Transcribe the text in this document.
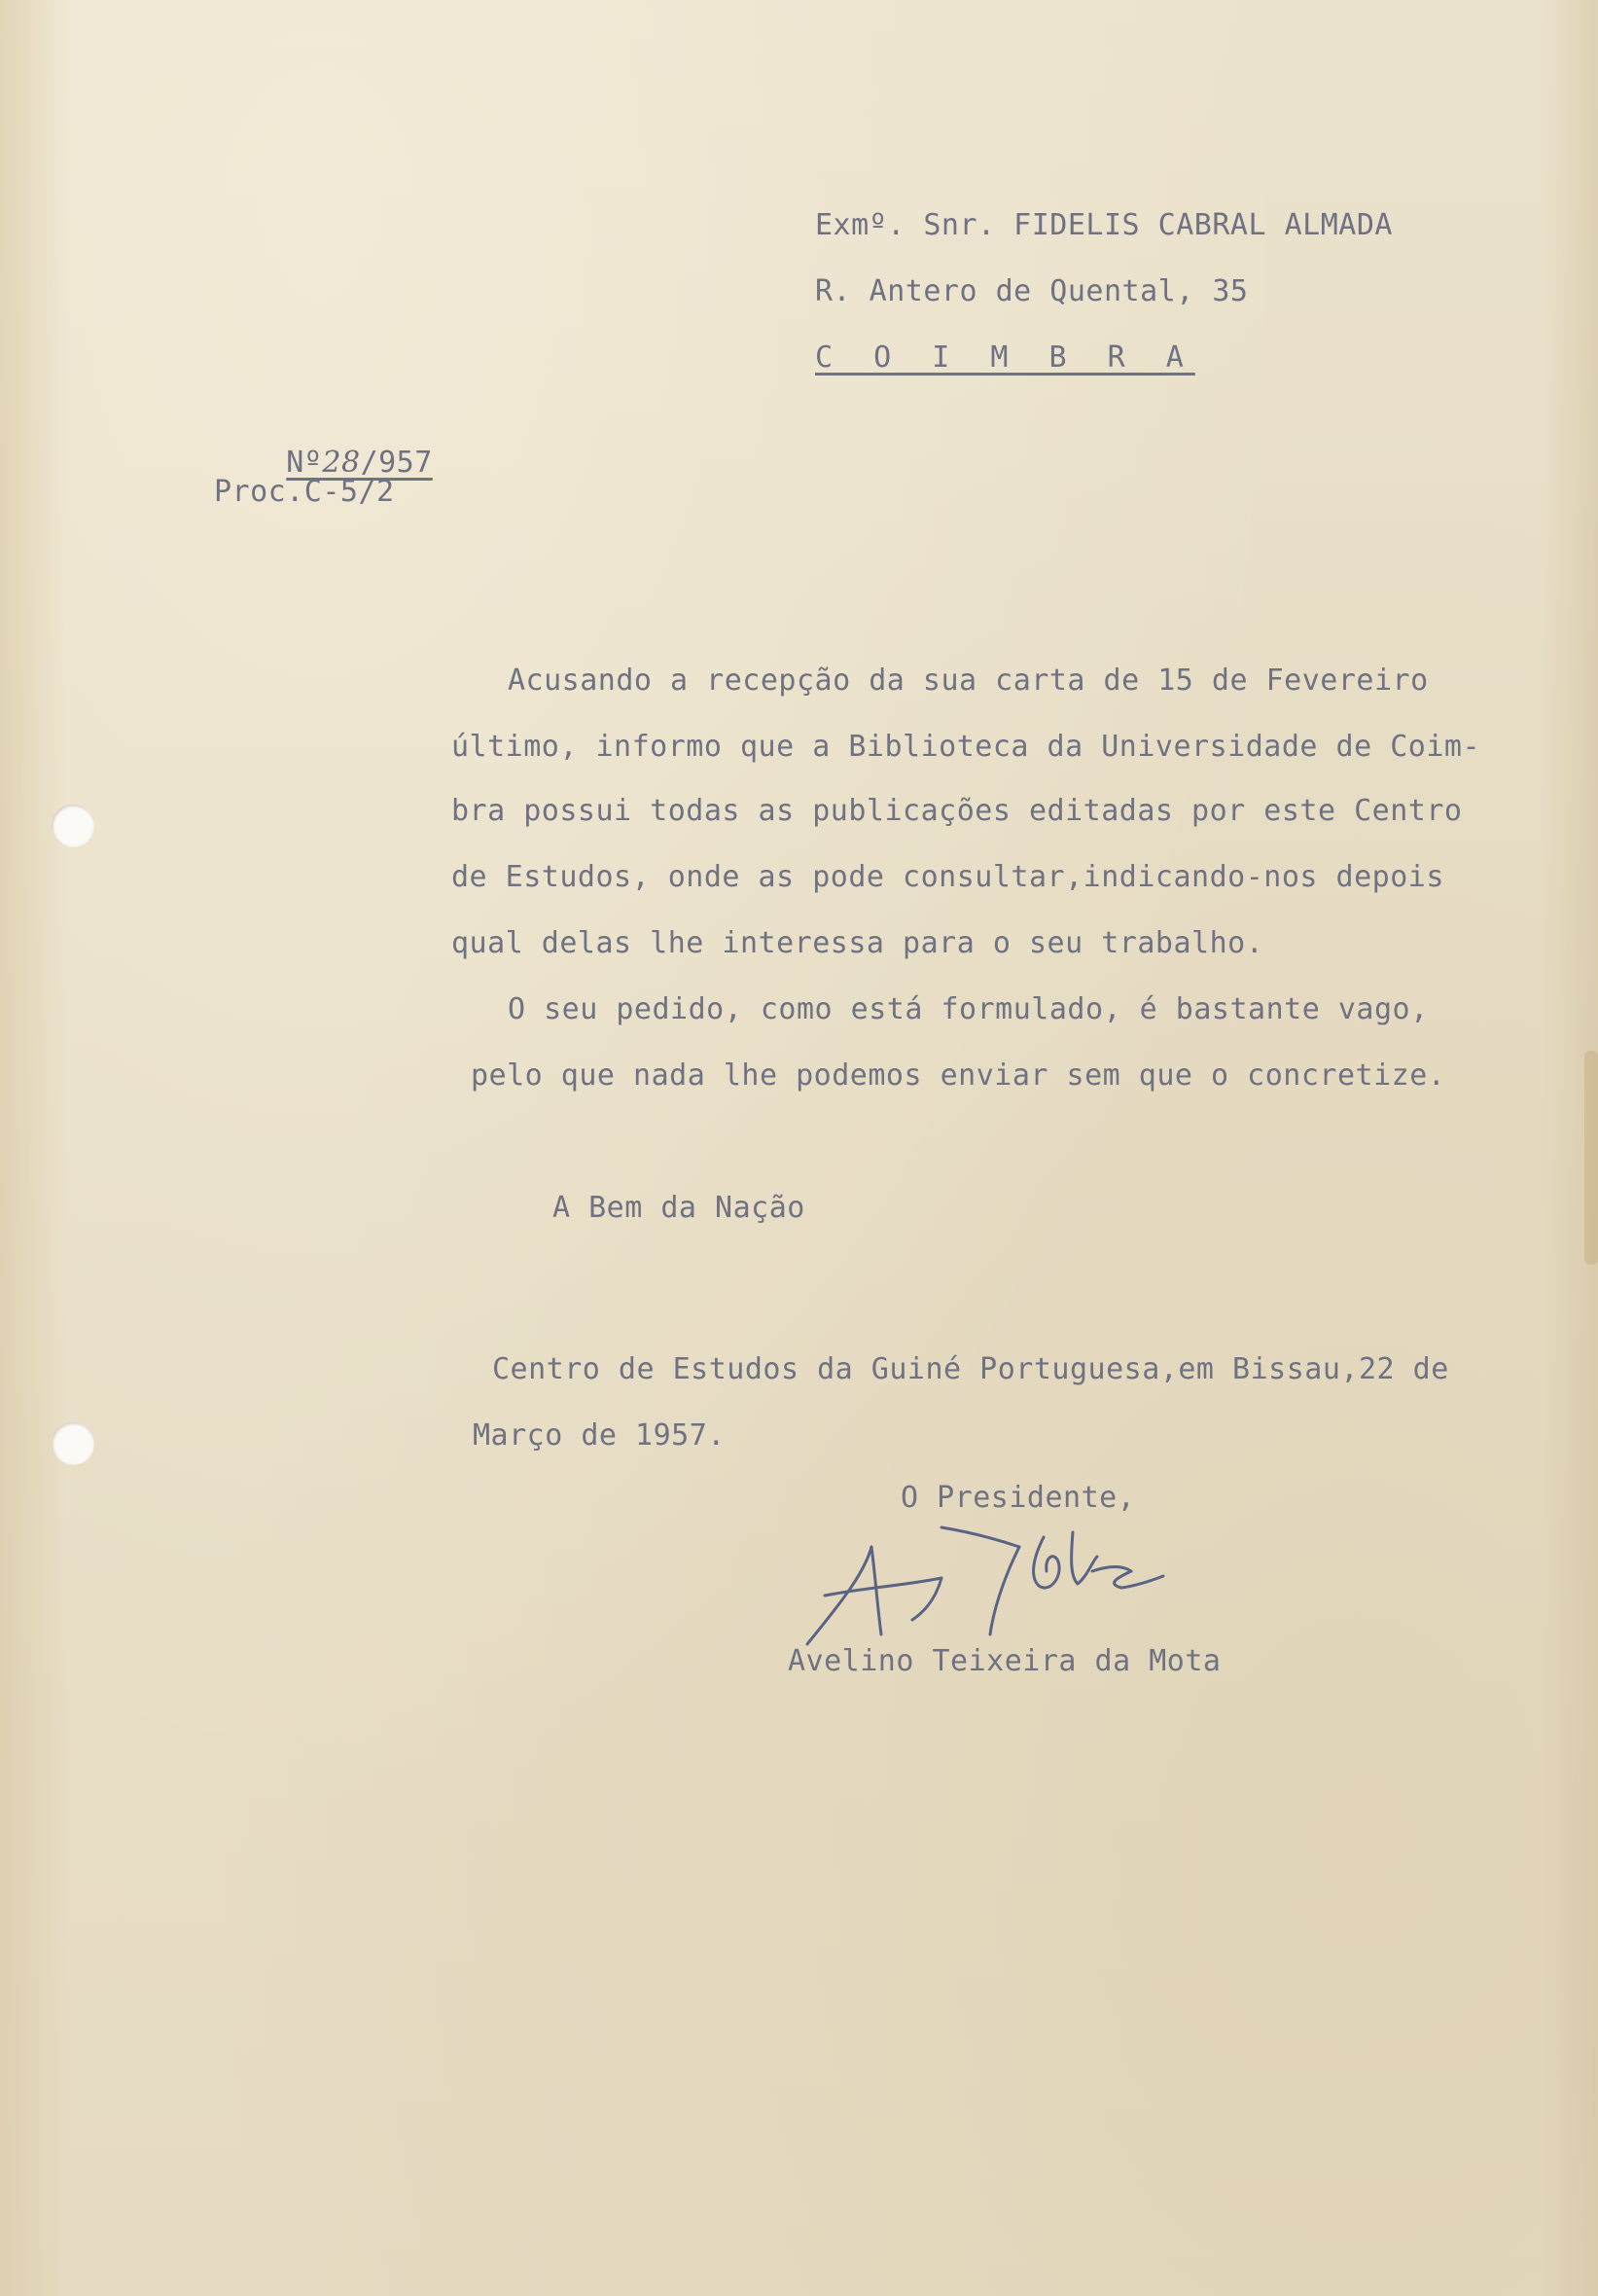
Exmº. Snr. FIDELIS CABRAL ALMADA
R. Antero de Quental, 35
C O I M B R A

Nº28/957

Proc.C-5/2
Acusando a recepção da sua carta de 15 de Fevereiro
último, informo que a Biblioteca da Universidade de Coim-
bra possui todas as publicações editadas por este Centro
de Estudos, onde as pode consultar,indicando-nos depois
qual delas lhe interessa para o seu trabalho.
O seu pedido, como está formulado, é bastante vago,
pelo que nada lhe podemos enviar sem que o concretize.
A Bem da Nação
Centro de Estudos da Guiné Portuguesa,em Bissau,22 de
Março de 1957.
O Presidente,
Avelino Teixeira da Mota
